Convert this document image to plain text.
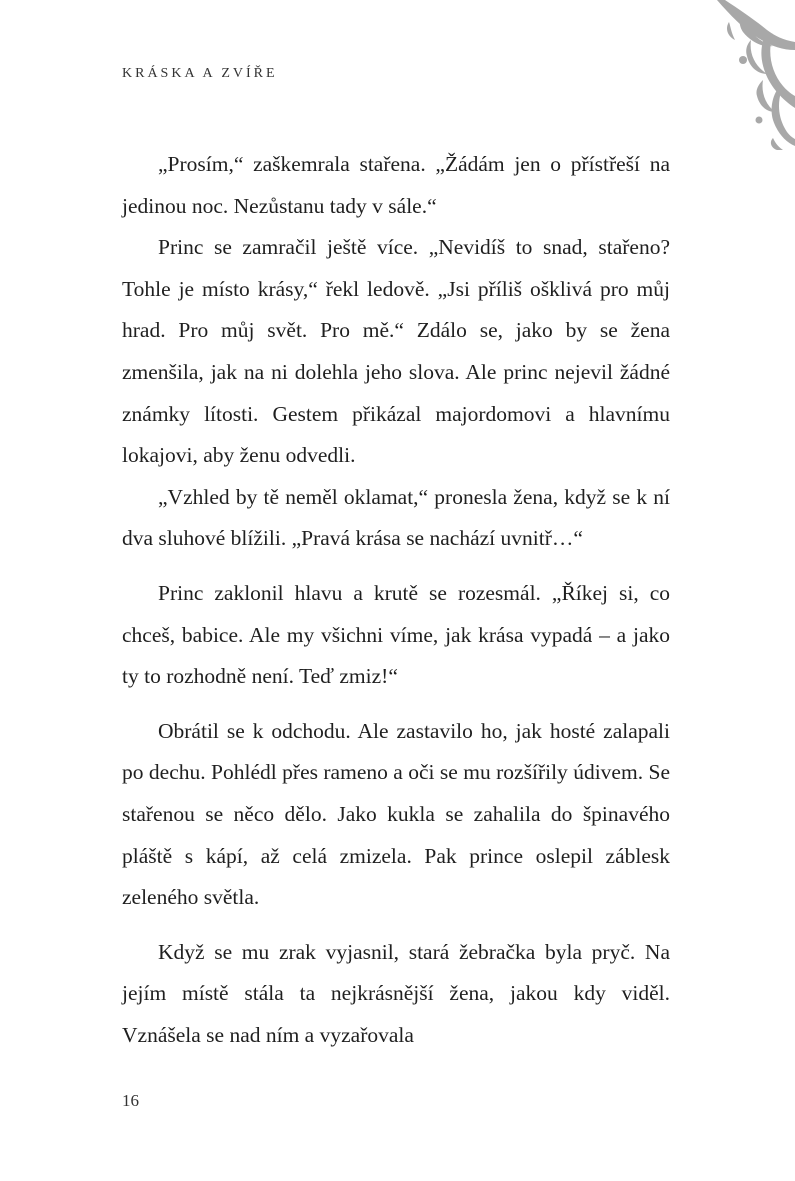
KRÁSKA A ZVÍŘE

„Prosím,“ zaškemrala stařena. „Žádám jen o přístřeší na jedinou noc. Nezůstanu tady v sále.“

Princ se zamračil ještě více. „Nevidíš to snad, stařeno? Tohle je místo krásy,“ řekl ledově. „Jsi příliš ošklivá pro můj hrad. Pro můj svět. Pro mě.“ Zdálo se, jako by se žena zmenšila, jak na ni dolehla jeho slova. Ale princ nejevil žádné známky lítosti. Gestem přikázal majordomovi a hlavnímu lokajovi, aby ženu odvedli.

„Vzhled by tě neměl oklamat,“ pronesla žena, když se k ní dva sluhové blížili. „Pravá krása se nachází uvnitř…“

Princ zaklonil hlavu a krutě se rozesmál. „Říkej si, co chceš, babice. Ale my všichni víme, jak krása vypadá – a jako ty to rozhodně není. Teď zmiz!“

Obrátil se k odchodu. Ale zastavilo ho, jak hosté zalapali po dechu. Pohlédl přes rameno a oči se mu rozšířily údivem. Se stařenou se něco dělo. Jako kukla se zahalila do špinavého pláště s kápí, až celá zmizela. Pak prince oslepil záblesk zeleného světla.

Když se mu zrak vyjasnil, stará žebračka byla pryč. Na jejím místě stála ta nejkrásnější žena, jakou kdy viděl. Vznášela se nad ním a vyzařovala

16
